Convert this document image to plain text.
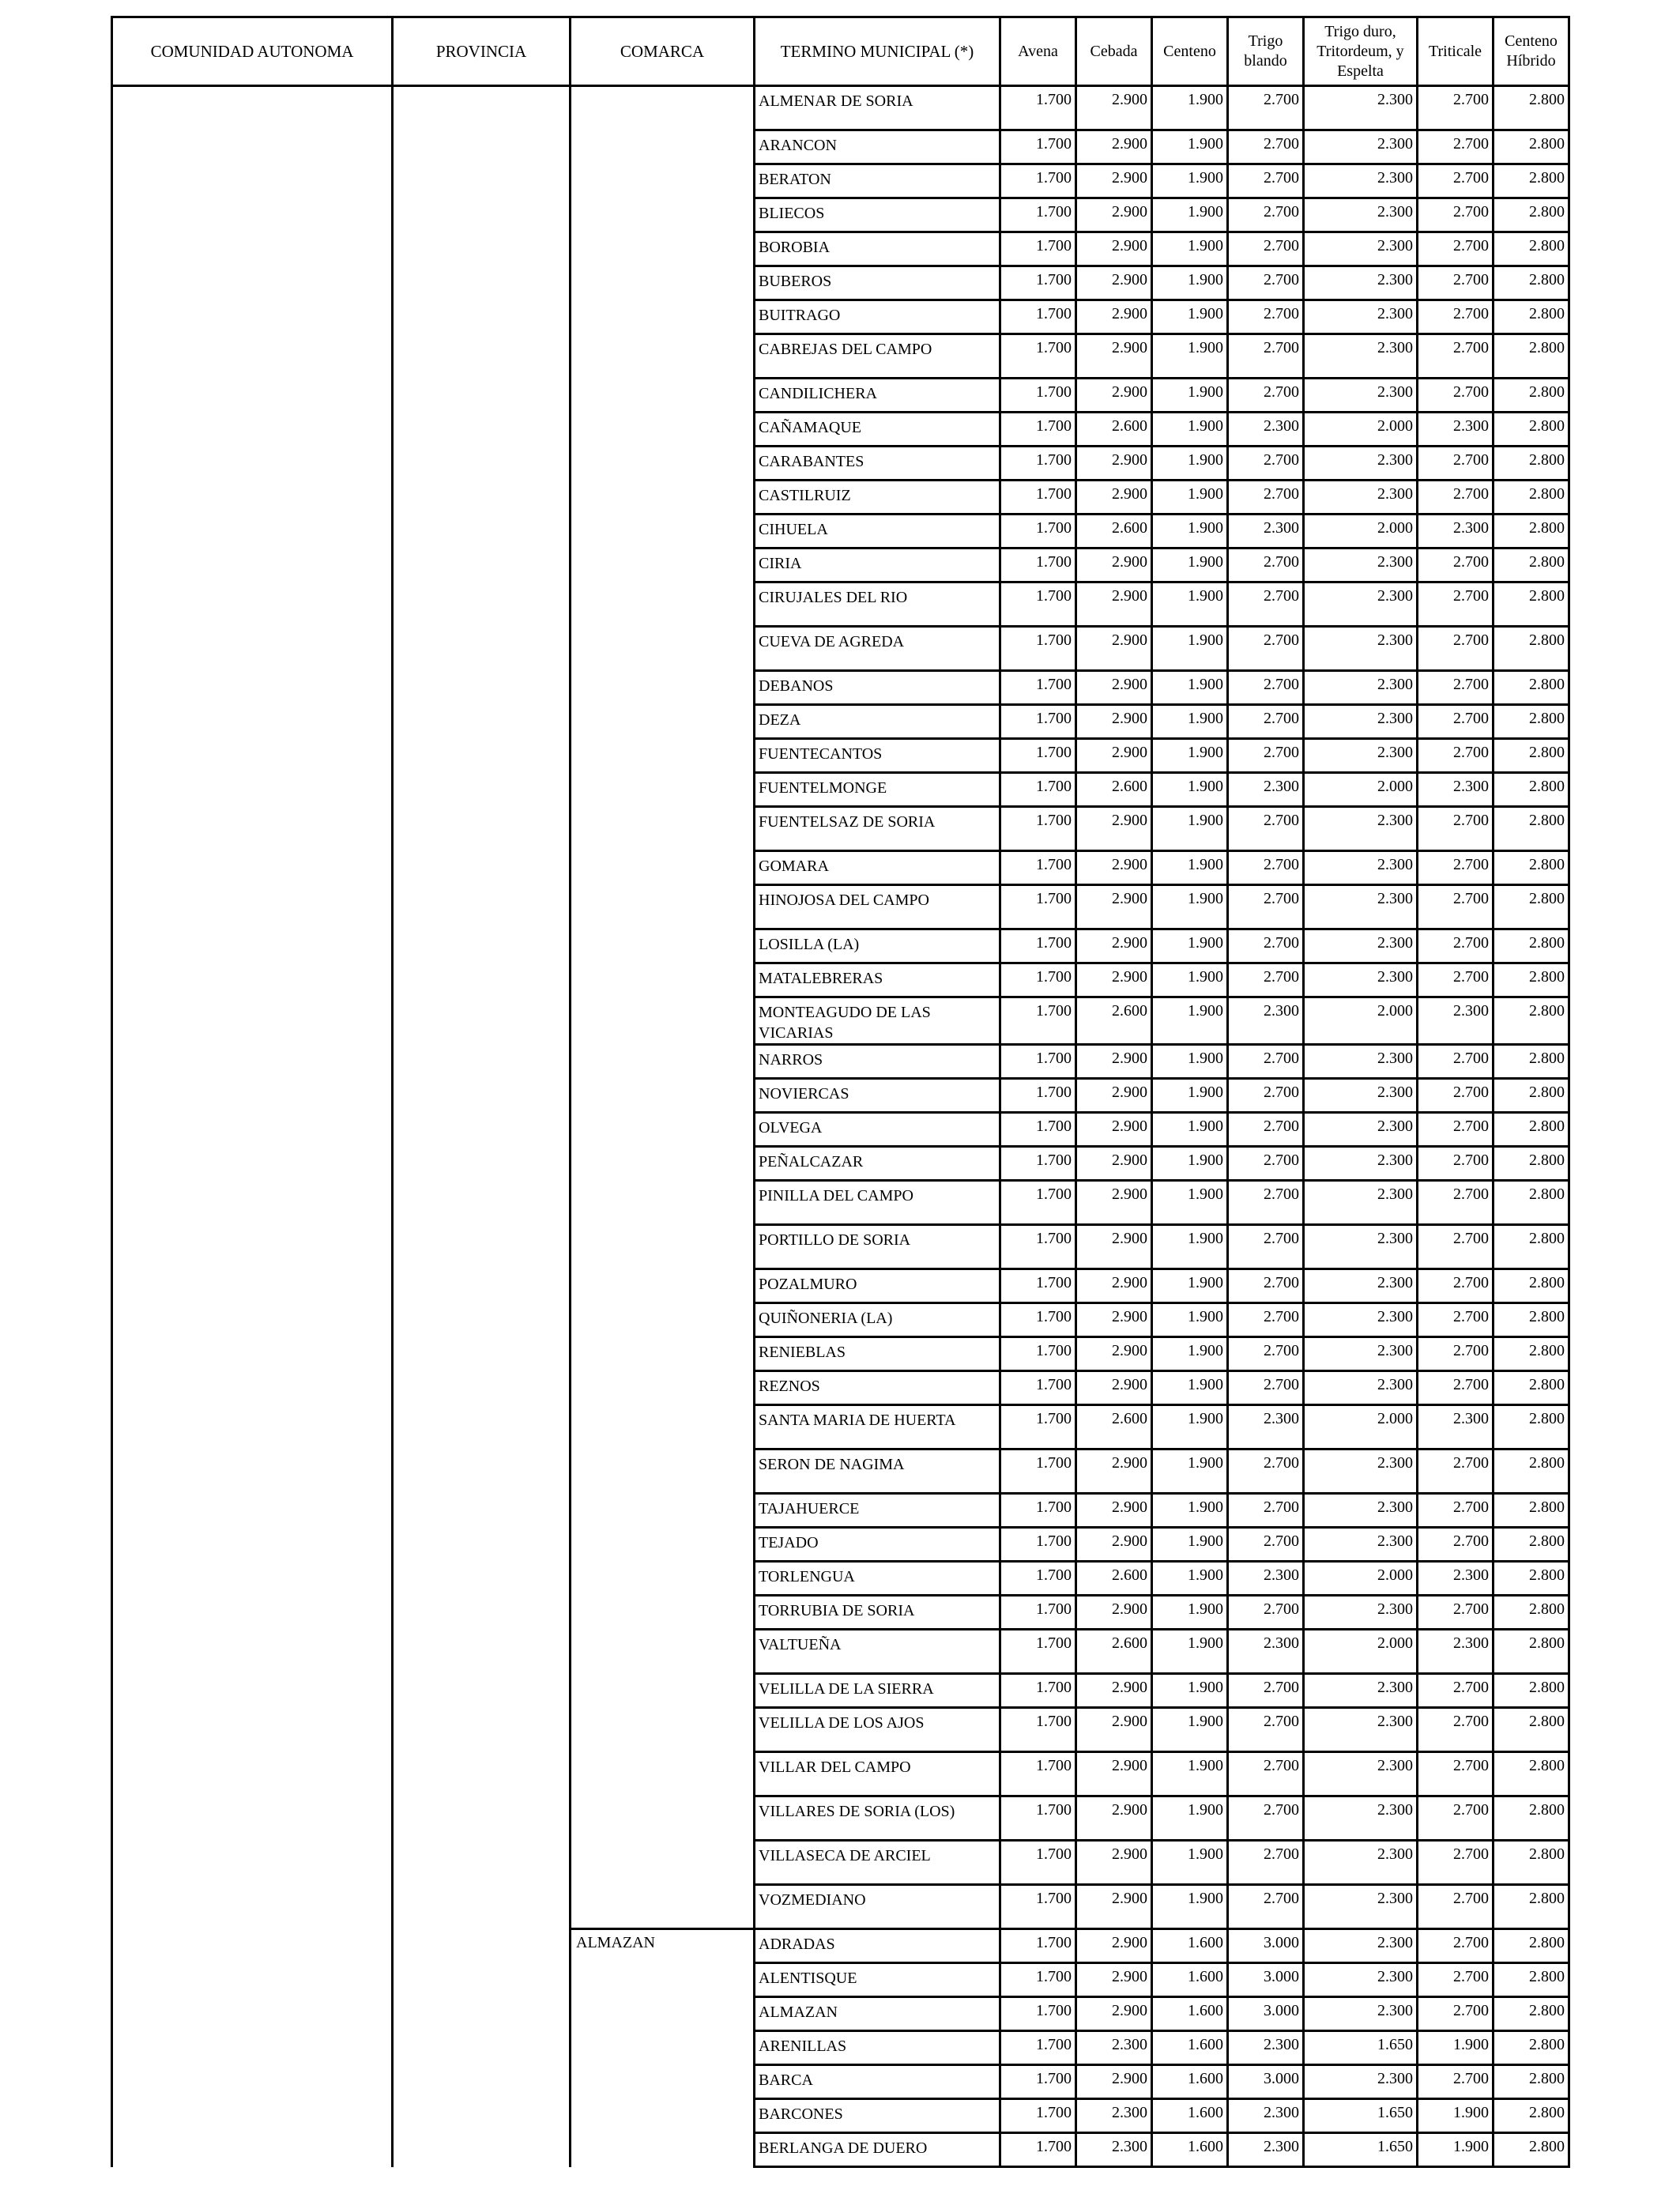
COMUNIDAD AUTONOMA	PROVINCIA	COMARCA	TERMINO MUNICIPAL (*)	Avena	Cebada	Centeno	Trigo blando	Trigo duro, Tritordeum, y Espelta	Triticale	Centeno Híbrido
			ALMENAR DE SORIA	1.700	2.900	1.900	2.700	2.300	2.700	2.800
			ARANCON	1.700	2.900	1.900	2.700	2.300	2.700	2.800
			BERATON	1.700	2.900	1.900	2.700	2.300	2.700	2.800
			BLIECOS	1.700	2.900	1.900	2.700	2.300	2.700	2.800
			BOROBIA	1.700	2.900	1.900	2.700	2.300	2.700	2.800
			BUBEROS	1.700	2.900	1.900	2.700	2.300	2.700	2.800
			BUITRAGO	1.700	2.900	1.900	2.700	2.300	2.700	2.800
			CABREJAS DEL CAMPO	1.700	2.900	1.900	2.700	2.300	2.700	2.800
			CANDILICHERA	1.700	2.900	1.900	2.700	2.300	2.700	2.800
			CAÑAMAQUE	1.700	2.600	1.900	2.300	2.000	2.300	2.800
			CARABANTES	1.700	2.900	1.900	2.700	2.300	2.700	2.800
			CASTILRUIZ	1.700	2.900	1.900	2.700	2.300	2.700	2.800
			CIHUELA	1.700	2.600	1.900	2.300	2.000	2.300	2.800
			CIRIA	1.700	2.900	1.900	2.700	2.300	2.700	2.800
			CIRUJALES DEL RIO	1.700	2.900	1.900	2.700	2.300	2.700	2.800
			CUEVA DE AGREDA	1.700	2.900	1.900	2.700	2.300	2.700	2.800
			DEBANOS	1.700	2.900	1.900	2.700	2.300	2.700	2.800
			DEZA	1.700	2.900	1.900	2.700	2.300	2.700	2.800
			FUENTECANTOS	1.700	2.900	1.900	2.700	2.300	2.700	2.800
			FUENTELMONGE	1.700	2.600	1.900	2.300	2.000	2.300	2.800
			FUENTELSAZ DE SORIA	1.700	2.900	1.900	2.700	2.300	2.700	2.800
			GOMARA	1.700	2.900	1.900	2.700	2.300	2.700	2.800
			HINOJOSA DEL CAMPO	1.700	2.900	1.900	2.700	2.300	2.700	2.800
			LOSILLA (LA)	1.700	2.900	1.900	2.700	2.300	2.700	2.800
			MATALEBRERAS	1.700	2.900	1.900	2.700	2.300	2.700	2.800
			MONTEAGUDO DE LAS VICARIAS	1.700	2.600	1.900	2.300	2.000	2.300	2.800
			NARROS	1.700	2.900	1.900	2.700	2.300	2.700	2.800
			NOVIERCAS	1.700	2.900	1.900	2.700	2.300	2.700	2.800
			OLVEGA	1.700	2.900	1.900	2.700	2.300	2.700	2.800
			PEÑALCAZAR	1.700	2.900	1.900	2.700	2.300	2.700	2.800
			PINILLA DEL CAMPO	1.700	2.900	1.900	2.700	2.300	2.700	2.800
			PORTILLO DE SORIA	1.700	2.900	1.900	2.700	2.300	2.700	2.800
			POZALMURO	1.700	2.900	1.900	2.700	2.300	2.700	2.800
			QUIÑONERIA (LA)	1.700	2.900	1.900	2.700	2.300	2.700	2.800
			RENIEBLAS	1.700	2.900	1.900	2.700	2.300	2.700	2.800
			REZNOS	1.700	2.900	1.900	2.700	2.300	2.700	2.800
			SANTA MARIA DE HUERTA	1.700	2.600	1.900	2.300	2.000	2.300	2.800
			SERON DE NAGIMA	1.700	2.900	1.900	2.700	2.300	2.700	2.800
			TAJAHUERCE	1.700	2.900	1.900	2.700	2.300	2.700	2.800
			TEJADO	1.700	2.900	1.900	2.700	2.300	2.700	2.800
			TORLENGUA	1.700	2.600	1.900	2.300	2.000	2.300	2.800
			TORRUBIA DE SORIA	1.700	2.900	1.900	2.700	2.300	2.700	2.800
			VALTUEÑA	1.700	2.600	1.900	2.300	2.000	2.300	2.800
			VELILLA DE LA SIERRA	1.700	2.900	1.900	2.700	2.300	2.700	2.800
			VELILLA DE LOS AJOS	1.700	2.900	1.900	2.700	2.300	2.700	2.800
			VILLAR DEL CAMPO	1.700	2.900	1.900	2.700	2.300	2.700	2.800
			VILLARES DE SORIA (LOS)	1.700	2.900	1.900	2.700	2.300	2.700	2.800
			VILLASECA DE ARCIEL	1.700	2.900	1.900	2.700	2.300	2.700	2.800
			VOZMEDIANO	1.700	2.900	1.900	2.700	2.300	2.700	2.800
		ALMAZAN	ADRADAS	1.700	2.900	1.600	3.000	2.300	2.700	2.800
			ALENTISQUE	1.700	2.900	1.600	3.000	2.300	2.700	2.800
			ALMAZAN	1.700	2.900	1.600	3.000	2.300	2.700	2.800
			ARENILLAS	1.700	2.300	1.600	2.300	1.650	1.900	2.800
			BARCA	1.700	2.900	1.600	3.000	2.300	2.700	2.800
			BARCONES	1.700	2.300	1.600	2.300	1.650	1.900	2.800
			BERLANGA DE DUERO	1.700	2.300	1.600	2.300	1.650	1.900	2.800
